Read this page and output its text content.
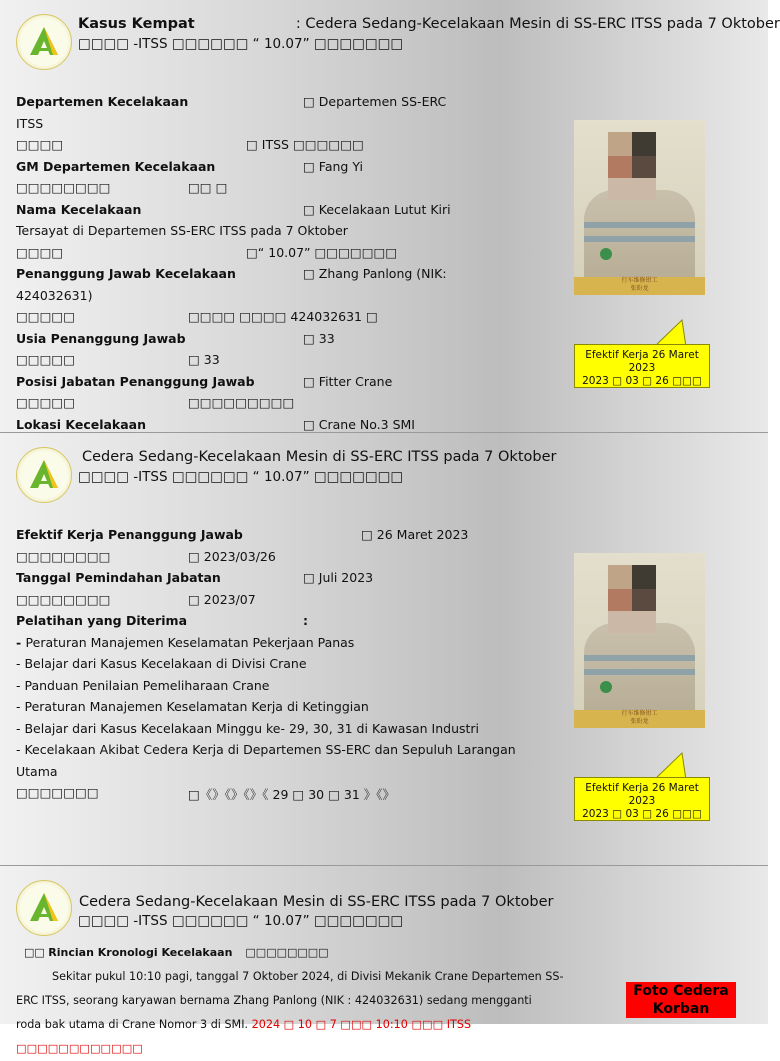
Kasus Kempat	: Cedera Sedang-Kecelakaan Mesin di SS-ERC ITSS pada 7 Oktober
□□□□ -ITSS □□□□□□ “ 10.07” □□□□□□□
Departemen Kecelakaan	□ Departemen SS-ERC
ITSS
□□□□	□ ITSS □□□□□□
GM Departemen Kecelakaan	□ Fang Yi
□□□□□□□□	□□ □
Nama Kecelakaan	□ Kecelakaan Lutut Kiri
Tersayat di Departemen SS-ERC ITSS pada 7 Oktober
□□□□	□“ 10.07” □□□□□□□
Penanggung Jawab Kecelakaan	□ Zhang Panlong (NIK:
424032631)
□□□□□	□□□□ □□□□ 424032631 □
Usia Penanggung Jawab	□ 33
□□□□□	□ 33
Posisi Jabatan Penanggung Jawab	□ Fitter Crane
□□□□□	□□□□□□□□□
Lokasi Kecelakaan	□ Crane No.3 SMI
行车维修钳工
张盼龙
Efektif Kerja 26 Maret
2023
2023 □ 03 □ 26 □□□
Cedera Sedang-Kecelakaan Mesin di SS-ERC ITSS pada 7 Oktober
□□□□ -ITSS □□□□□□ “ 10.07” □□□□□□□
Efektif Kerja Penanggung Jawab	□ 26 Maret 2023
□□□□□□□□	□ 2023/03/26
Tanggal Pemindahan Jabatan	□ Juli 2023
□□□□□□□□	□ 2023/07
Pelatihan yang Diterima	:
- Peraturan Manajemen Keselamatan Pekerjaan Panas
- Belajar dari Kasus Kecelakaan di Divisi Crane
- Panduan Penilaian Pemeliharaan Crane
- Peraturan Manajemen Keselamatan Kerja di Ketinggian
- Belajar dari Kasus Kecelakaan Minggu ke- 29, 30, 31 di Kawasan Industri
- Kecelakaan Akibat Cedera Kerja di Departemen SS-ERC dan Sepuluh Larangan
Utama
□□□□□□□	□《》《》《》《 29 □ 30 □ 31 》《》
行车维修钳工
张盼龙
Efektif Kerja 26 Maret
2023
2023 □ 03 □ 26 □□□
Cedera Sedang-Kecelakaan Mesin di SS-ERC ITSS pada 7 Oktober
□□□□ -ITSS □□□□□□ “ 10.07” □□□□□□□
□□ Rincian Kronologi Kecelakaan □□□□□□□□
Sekitar pukul 10:10 pagi, tanggal 7 Oktober 2024, di Divisi Mekanik Crane Departemen SS-
ERC ITSS, seorang karyawan bernama Zhang Panlong (NIK : 424032631) sedang mengganti
roda bak utama di Crane Nomor 3 di SMI. 2024 □ 10 □ 7 □□□ 10:10 □□□ ITSS □□□□□□□□□□□□
Foto Cedera
Korban
